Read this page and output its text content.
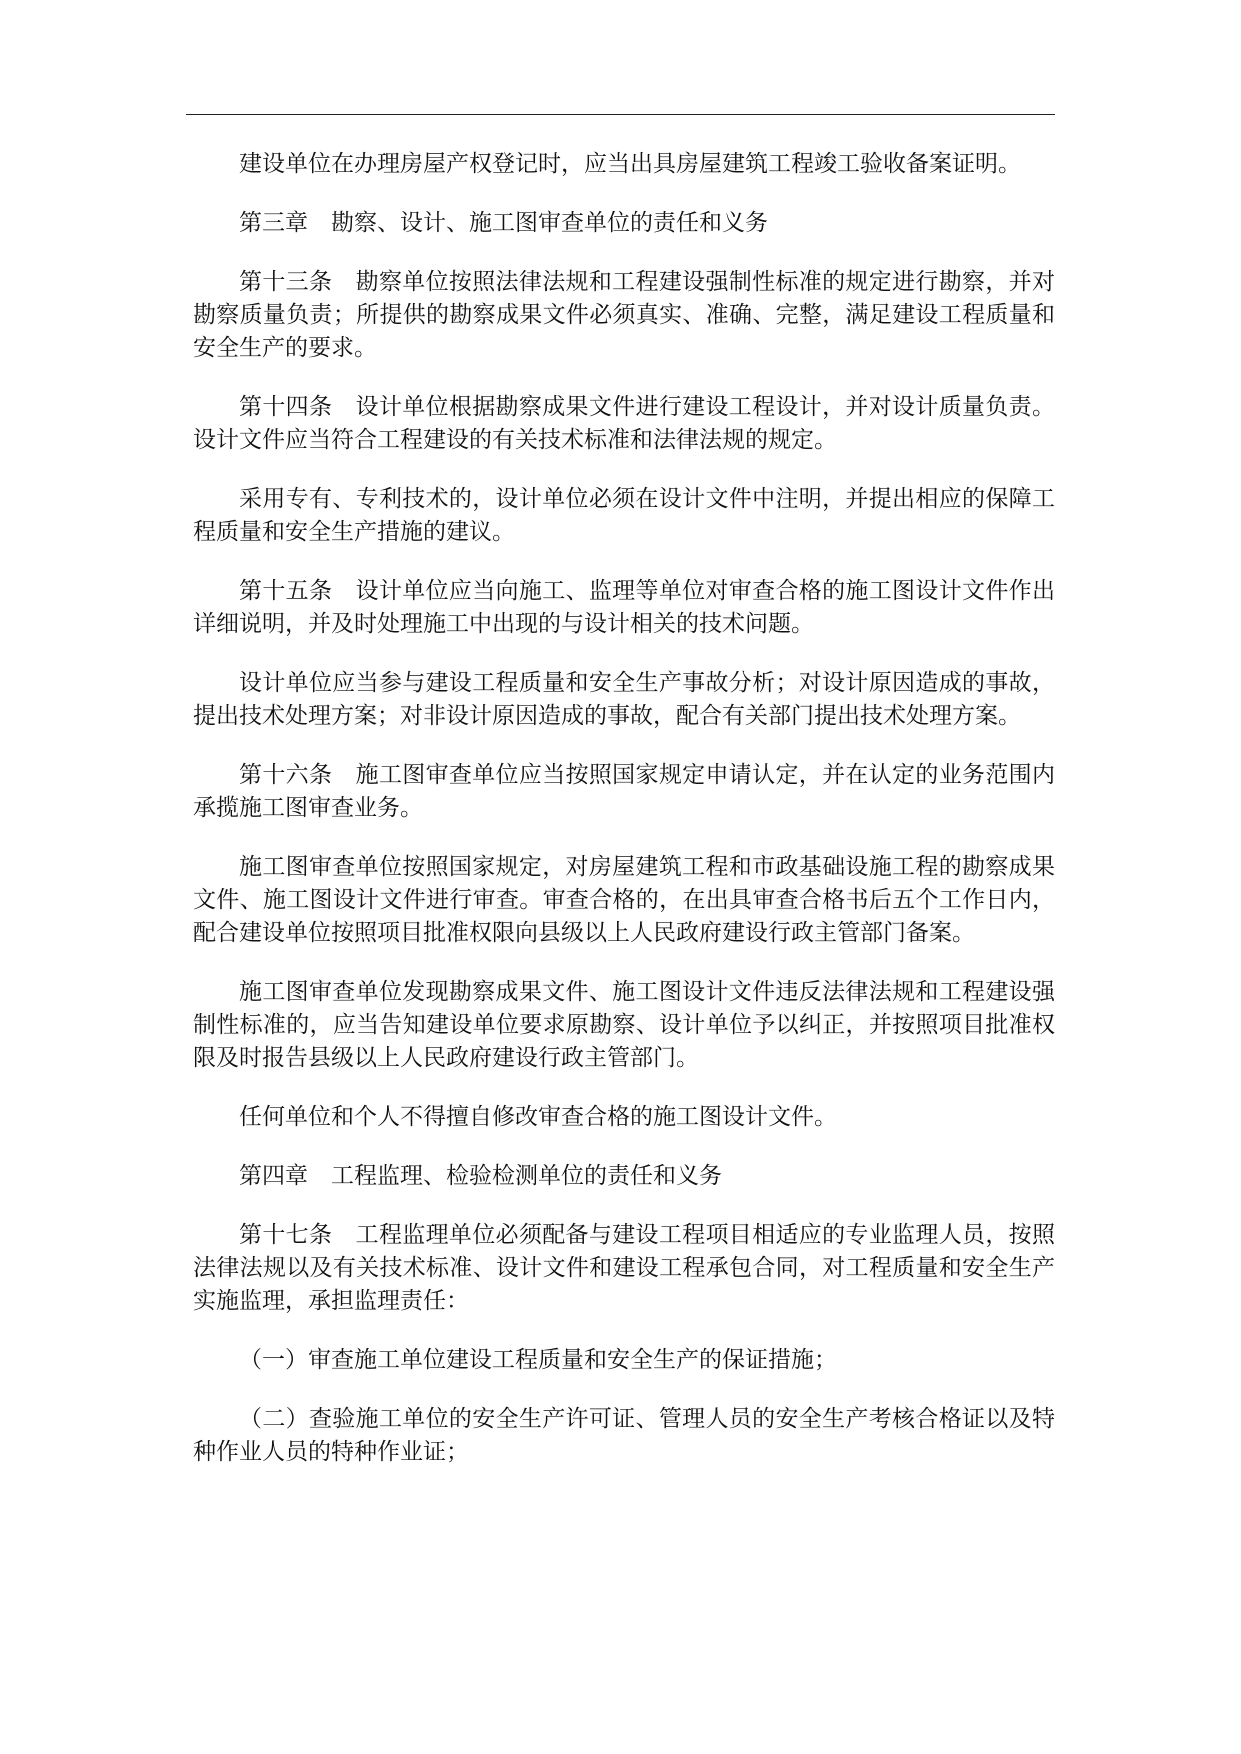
建设单位在办理房屋产权登记时，应当出具房屋建筑工程竣工验收备案证明。

第三章　勘察、设计、施工图审查单位的责任和义务

第十三条　勘察单位按照法律法规和工程建设强制性标准的规定进行勘察，并对勘察质量负责；所提供的勘察成果文件必须真实、准确、完整，满足建设工程质量和安全生产的要求。

第十四条　设计单位根据勘察成果文件进行建设工程设计，并对设计质量负责。设计文件应当符合工程建设的有关技术标准和法律法规的规定。

采用专有、专利技术的，设计单位必须在设计文件中注明，并提出相应的保障工程质量和安全生产措施的建议。

第十五条　设计单位应当向施工、监理等单位对审查合格的施工图设计文件作出详细说明，并及时处理施工中出现的与设计相关的技术问题。

设计单位应当参与建设工程质量和安全生产事故分析；对设计原因造成的事故，提出技术处理方案；对非设计原因造成的事故，配合有关部门提出技术处理方案。

第十六条　施工图审查单位应当按照国家规定申请认定，并在认定的业务范围内承揽施工图审查业务。

施工图审查单位按照国家规定，对房屋建筑工程和市政基础设施工程的勘察成果文件、施工图设计文件进行审查。审查合格的，在出具审查合格书后五个工作日内，配合建设单位按照项目批准权限向县级以上人民政府建设行政主管部门备案。

施工图审查单位发现勘察成果文件、施工图设计文件违反法律法规和工程建设强制性标准的，应当告知建设单位要求原勘察、设计单位予以纠正，并按照项目批准权限及时报告县级以上人民政府建设行政主管部门。

任何单位和个人不得擅自修改审查合格的施工图设计文件。

第四章　工程监理、检验检测单位的责任和义务

第十七条　工程监理单位必须配备与建设工程项目相适应的专业监理人员，按照法律法规以及有关技术标准、设计文件和建设工程承包合同，对工程质量和安全生产实施监理，承担监理责任：

（一）审查施工单位建设工程质量和安全生产的保证措施；

（二）查验施工单位的安全生产许可证、管理人员的安全生产考核合格证以及特种作业人员的特种作业证；
